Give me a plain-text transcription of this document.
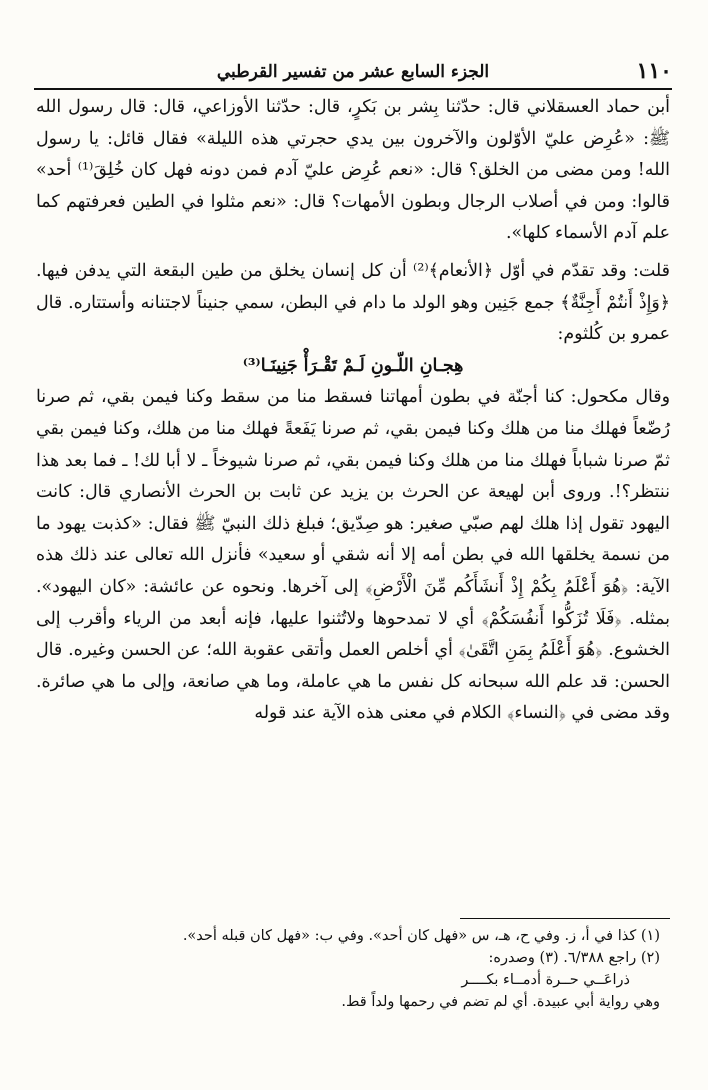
١١٠
الجزء السابع عشر من تفسير القرطبي

أبن حماد العسقلاني قال: حدّثنا بِشر بن بَكرٍ، قال: حدّثنا الأوزاعي، قال: قال رسول الله ﷺ: «عُرِض عليّ الأوّلون والآخرون بين يدي حجرتي هذه الليلة» فقال قائل: يا رسول الله! ومن مضى من الخلق؟ قال: «نعم عُرِض عليّ آدم فمن دونه فهل كان خُلِقَ⁽¹⁾ أحد» قالوا: ومن في أصلاب الرجال وبطون الأمهات؟ قال: «نعم مثلوا في الطين فعرفتهم كما علم آدم الأسماء كلها».

قلت: وقد تقدّم في أوّل ﴿الأنعام﴾⁽²⁾ أن كل إنسان يخلق من طين البقعة التي يدفن فيها. ﴿وَإِذْ أَنتُمْ أَجِنَّةٌ﴾ جمع جَنِين وهو الولد ما دام في البطن، سمي جنيناً لاجتنانه وأستتاره. قال عمرو بن كُلثوم:

هِجـانِ اللّـونِ لَـمْ تَقْـرَأْ جَنِينَـا⁽³⁾

وقال مكحول: كنا أجنّة في بطون أمهاتنا فسقط منا من سقط وكنا فيمن بقي، ثم صرنا رُضّعاً فهلك منا من هلك وكنا فيمن بقي، ثم صرنا يَفَعةً فهلك منا من هلك، وكنا فيمن بقي ثمّ صرنا شباباً فهلك منا من هلك وكنا فيمن بقي، ثم صرنا شيوخاً ـ لا أبا لك! ـ فما بعد هذا ننتظر؟!. وروى أبن لهيعة عن الحرث بن يزيد عن ثابت بن الحرث الأنصاري قال: كانت اليهود تقول إذا هلك لهم صبّي صغير: هو صِدّيق؛ فبلغ ذلك النبيّ ﷺ فقال: «كذبت يهود ما من نسمة يخلقها الله في بطن أمه إلا أنه شقي أو سعيد» فأنزل الله تعالى عند ذلك هذه الآية: ﴿هُوَ أَعْلَمُ بِكُمْ إِذْ أَنشَأَكُم مِّنَ الْأَرْضِ﴾ إلى آخرها. ونحوه عن عائشة: «كان اليهود». بمثله. ﴿فَلَا تُزَكُّوا أَنفُسَكُمْ﴾ أي لا تمدحوها ولاتُثنوا عليها، فإنه أبعد من الرياء وأقرب إلى الخشوع. ﴿هُوَ أَعْلَمُ بِمَنِ اتَّقَىٰ﴾ أي أخلص العمل وأتقى عقوبة الله؛ عن الحسن وغيره. قال الحسن: قد علم الله سبحانه كل نفس ما هي عاملة، وما هي صانعة، وإلى ما هي صائرة. وقد مضى في ﴿النساء﴾ الكلام في معنى هذه الآية عند قوله

(١) كذا في أ، ز. وفي ح، هـ، س «فهل كان أحد». وفي ب: «فهل كان قبله أحد».

(٢) راجع ٦/٣٨٨. (٣) وصدره:

ذراعَــي حــرة أدمــاء بكــــر

وهي رواية أبي عبيدة. أي لم تضم في رحمها ولداً قط.
